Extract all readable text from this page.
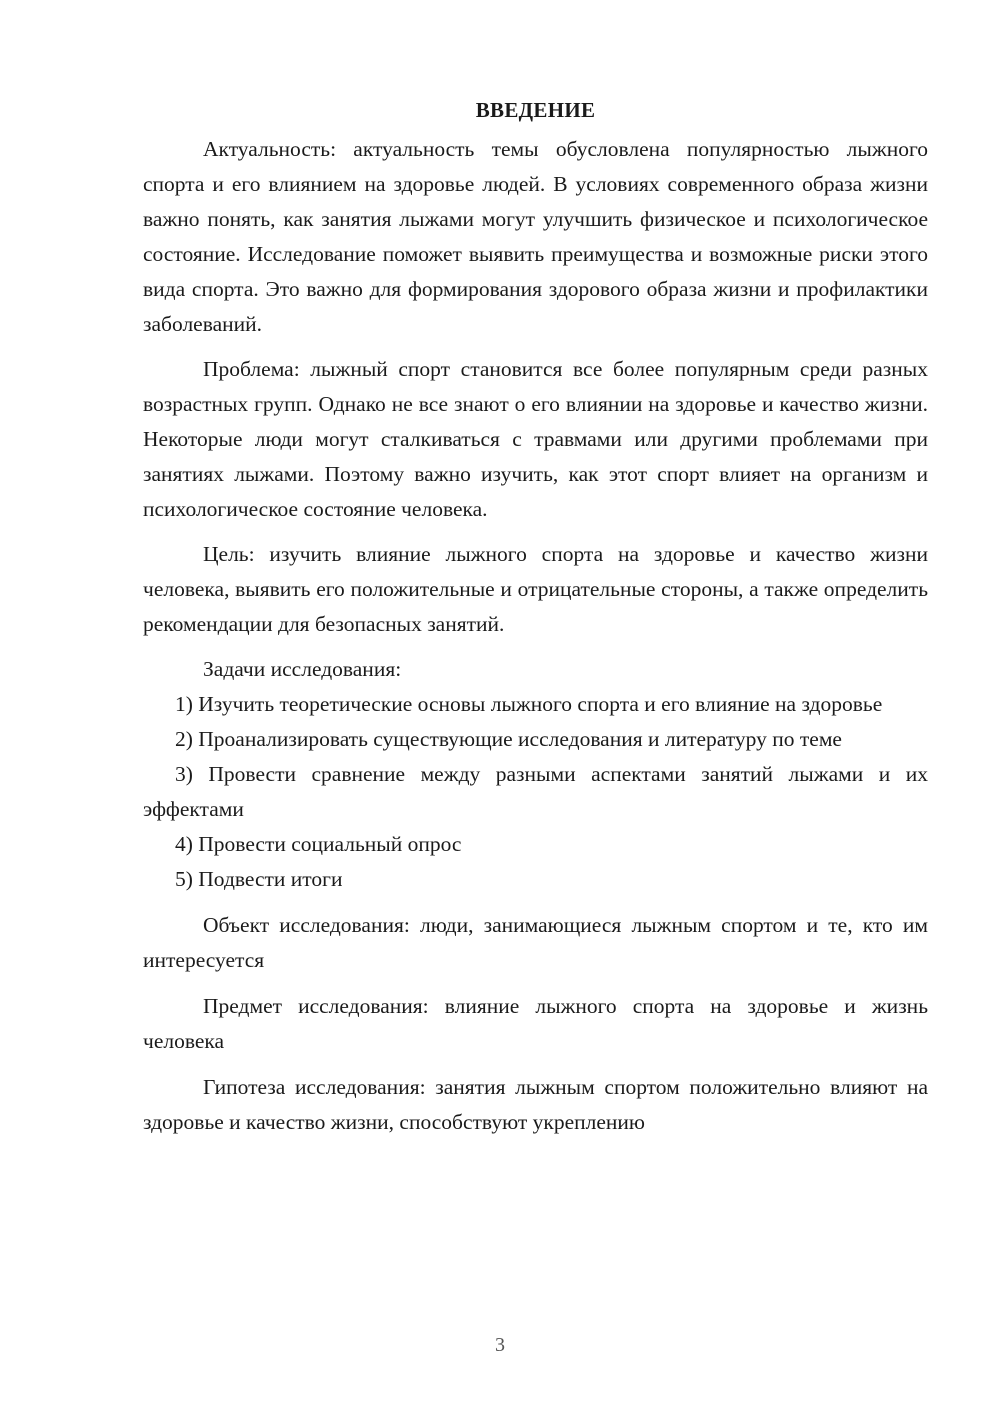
ВВЕДЕНИЕ

Актуальность: актуальность темы обусловлена популярностью лыжного спорта и его влиянием на здоровье людей. В условиях современного образа жизни важно понять, как занятия лыжами могут улучшить физическое и психологическое состояние. Исследование поможет выявить преимущества и возможные риски этого вида спорта. Это важно для формирования здорового образа жизни и профилактики заболеваний.

Проблема: лыжный спорт становится все более популярным среди разных возрастных групп. Однако не все знают о его влиянии на здоровье и качество жизни. Некоторые люди могут сталкиваться с травмами или другими проблемами при занятиях лыжами. Поэтому важно изучить, как этот спорт влияет на организм и психологическое состояние человека.

Цель: изучить влияние лыжного спорта на здоровье и качество жизни человека, выявить его положительные и отрицательные стороны, а также определить рекомендации для безопасных занятий.

Задачи исследования:

1) Изучить теоретические основы лыжного спорта и его влияние на здоровье

2) Проанализировать существующие исследования и литературу по теме

3) Провести сравнение между разными аспектами занятий лыжами и их эффектами

4) Провести социальный опрос

5) Подвести итоги

Объект исследования: люди, занимающиеся лыжным спортом и те, кто им интересуется

Предмет исследования: влияние лыжного спорта на здоровье и жизнь человека

Гипотеза исследования: занятия лыжным спортом положительно влияют на здоровье и качество жизни, способствуют укреплению

3
